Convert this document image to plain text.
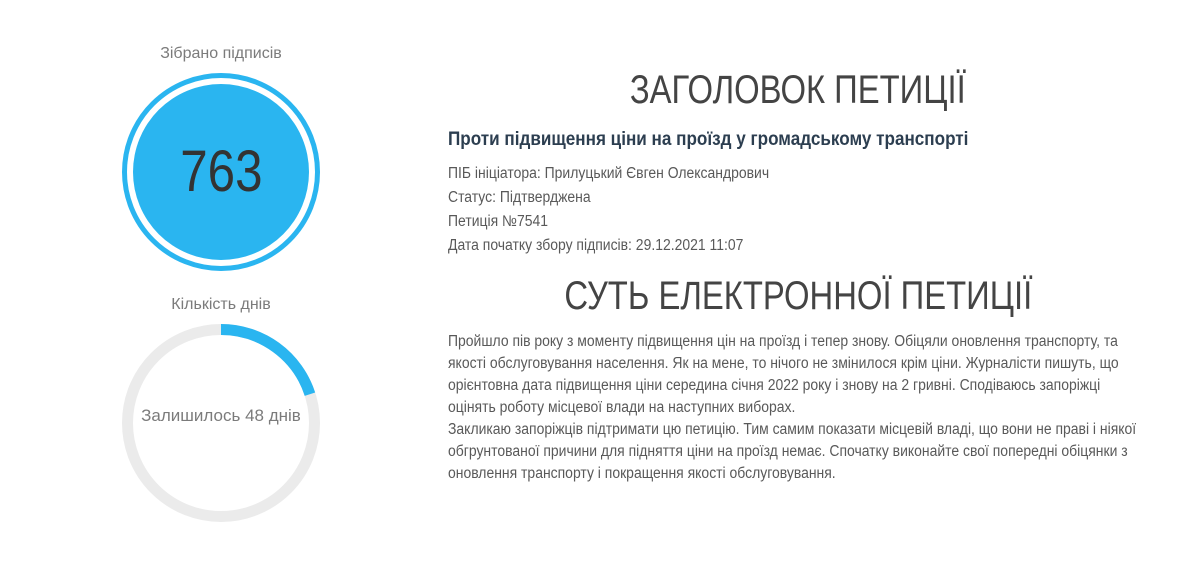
Зібрано підписів
763
Кількість днів
Залишилось 48 днів
ЗАГОЛОВОК ПЕТИЦІЇ
Проти підвищення ціни на проїзд у громадському транспорті
ПІБ ініціатора: Прилуцький Євген Олександрович
Статус: Підтверджена
Петиція №7541
Дата початку збору підписів: 29.12.2021 11:07
СУТЬ ЕЛЕКТРОННОЇ ПЕТИЦІЇ

Пройшло пів року з моменту підвищення цін на проїзд і тепер знову. Обіцяли оновлення транспорту, та якості обслуговування населення. Як на мене, то нічого не змінилося крім ціни. Журналісти пишуть, що орієнтовна дата підвищення ціни середина січня 2022 року і знову на 2 гривні. Сподіваюсь запоріжці оцінять роботу місцевої влади на наступних виборах.

Закликаю запоріжців підтримати цю петицію. Тим самим показати місцевій владі, що вони не праві і ніякої обгрунтованої причини для підняття ціни на проїзд немає. Спочатку виконайте свої попередні обіцянки з оновлення транспорту і покращення якості обслуговування.
